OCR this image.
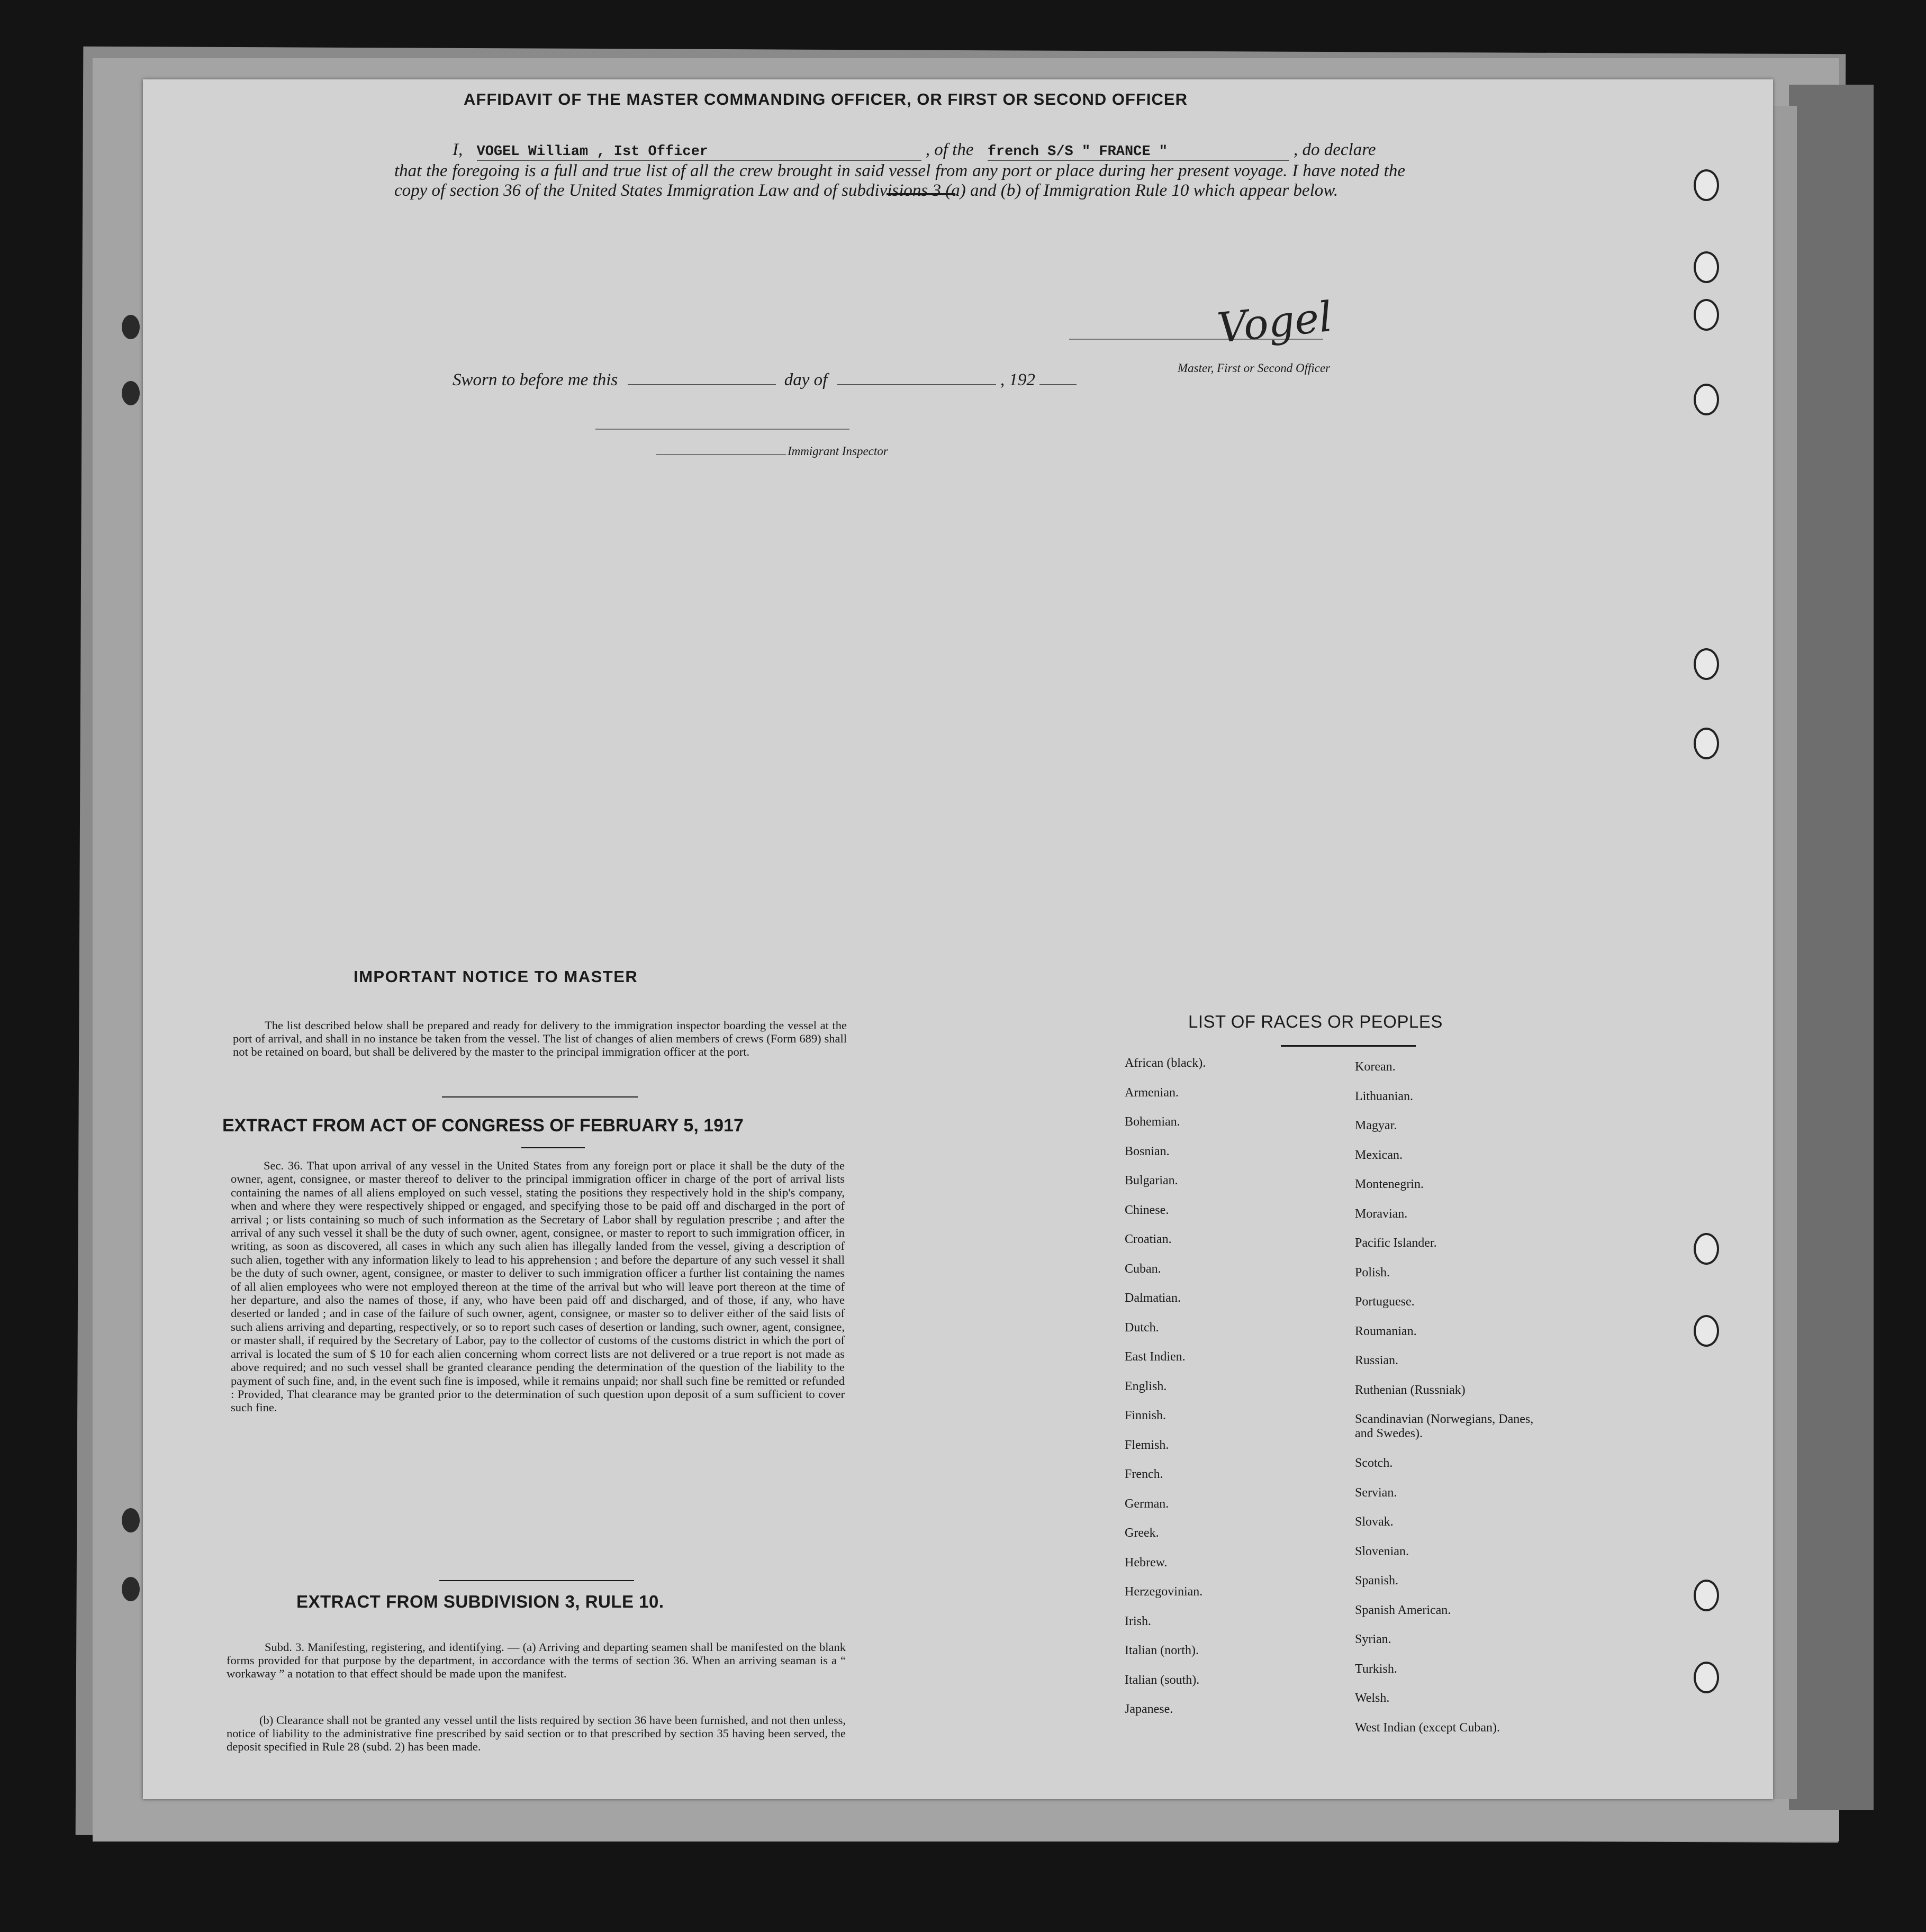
AFFIDAVIT OF THE MASTER COMMANDING OFFICER, OR FIRST OR SECOND OFFICER
I, VOGEL William , Ist Officer	, of the french S/S " FRANCE "	, do declare
that the foregoing is a full and true list of all the crew brought in said vessel from any port or place during her present voyage. I have noted the copy of section 36 of the United States Immigration Law and of subdivisions 3 (a) and (b) of Immigration Rule 10 which appear below.
Vogel
Master, First or Second Officer
Sworn to before me this	day of	, 192
Immigrant Inspector
IMPORTANT NOTICE TO MASTER
The list described below shall be prepared and ready for delivery to the immigration inspector boarding the vessel at the port of arrival, and shall in no instance be taken from the vessel. The list of changes of alien members of crews (Form 689) shall not be retained on board, but shall be delivered by the master to the principal immigration officer at the port.
EXTRACT FROM ACT OF CONGRESS OF FEBRUARY 5, 1917
Sec. 36. That upon arrival of any vessel in the United States from any foreign port or place it shall be the duty of the owner, agent, consignee, or master thereof to deliver to the principal immigration officer in charge of the port of arrival lists containing the names of all aliens employed on such vessel, stating the positions they respectively hold in the ship's company, when and where they were respectively shipped or engaged, and specifying those to be paid off and discharged in the port of arrival ; or lists containing so much of such information as the Secretary of Labor shall by regulation prescribe ; and after the arrival of any such vessel it shall be the duty of such owner, agent, consignee, or master to report to such immigration officer, in writing, as soon as discovered, all cases in which any such alien has illegally landed from the vessel, giving a description of such alien, together with any information likely to lead to his apprehension ; and before the departure of any such vessel it shall be the duty of such owner, agent, consignee, or master to deliver to such immigration officer a further list containing the names of all alien employees who were not employed thereon at the time of the arrival but who will leave port thereon at the time of her departure, and also the names of those, if any, who have been paid off and discharged, and of those, if any, who have deserted or landed ; and in case of the failure of such owner, agent, consignee, or master so to deliver either of the said lists of such aliens arriving and departing, respectively, or so to report such cases of desertion or landing, such owner, agent, consignee, or master shall, if required by the Secretary of Labor, pay to the collector of customs of the customs district in which the port of arrival is located the sum of $ 10 for each alien concerning whom correct lists are not delivered or a true report is not made as above required; and no such vessel shall be granted clearance pending the determination of the question of the liability to the payment of such fine, and, in the event such fine is imposed, while it remains unpaid; nor shall such fine be remitted or refunded : Provided, That clearance may be granted prior to the determination of such question upon deposit of a sum sufficient to cover such fine.
EXTRACT FROM SUBDIVISION 3, RULE 10.
Subd. 3. Manifesting, registering, and identifying. — (a) Arriving and departing seamen shall be manifested on the blank forms provided for that purpose by the department, in accordance with the terms of section 36. When an arriving seaman is a “ workaway ” a notation to that effect should be made upon the manifest.
(b) Clearance shall not be granted any vessel until the lists required by section 36 have been furnished, and not then unless, notice of liability to the administrative fine prescribed by said section or to that prescribed by section 35 having been served, the deposit specified in Rule 28 (subd. 2) has been made.
LIST OF RACES OR PEOPLES
African (black).
Armenian.
Bohemian.
Bosnian.
Bulgarian.
Chinese.
Croatian.
Cuban.
Dalmatian.
Dutch.
East Indien.
English.
Finnish.
Flemish.
French.
German.
Greek.
Hebrew.
Herzegovinian.
Irish.
Italian (north).
Italian (south).
Japanese.
Korean.
Lithuanian.
Magyar.
Mexican.
Montenegrin.
Moravian.
Pacific Islander.
Polish.
Portuguese.
Roumanian.
Russian.
Ruthenian (Russniak)
Scandinavian (Norwegians, Danes, and Swedes).
Scotch.
Servian.
Slovak.
Slovenian.
Spanish.
Spanish American.
Syrian.
Turkish.
Welsh.
West Indian (except Cuban).
